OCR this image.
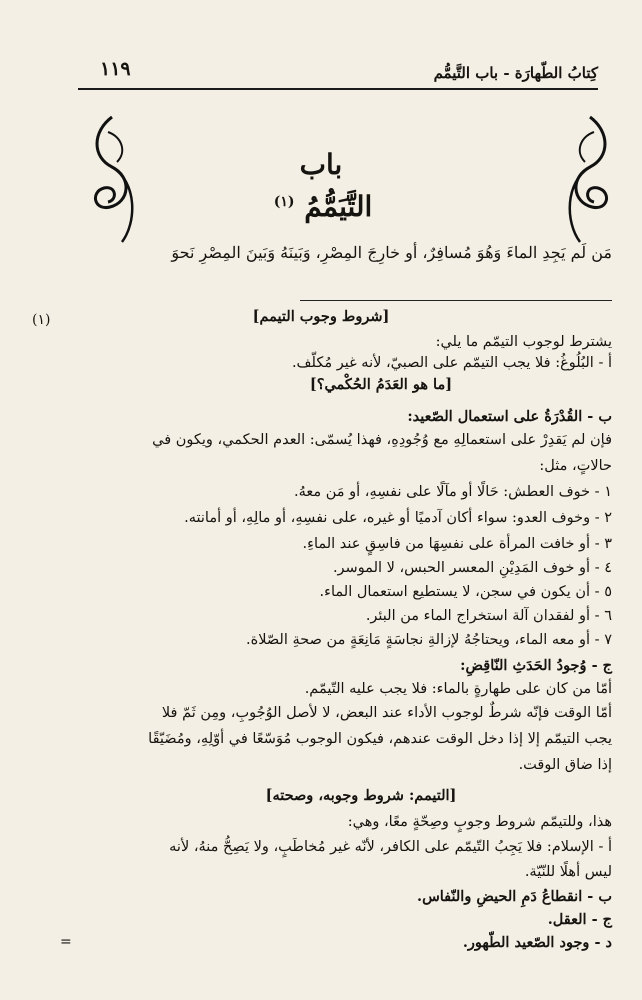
كِتابُ الطّهارَة - باب التَّيمُّم
١١٩
باب
التَّيَمُّمُ $^{(١)}$
مَن لَم يَجِدِ الماءَ وَهُوَ مُسافِرٌ، أو خارِجَ المِصْرِ، وَبَينَهُ وَبَينَ المِصْرِ نَحوَ
(١)	[شروط وجوب التيمم]
يشترط لوجوب التيمّم ما يلي:
أ - البُلُوغُ: فلا يجب التيمّم على الصبيّ، لأنه غير مُكلّف.
[ما هو العَدَمُ الحُكْمي؟]
ب - القُدْرَةُ على استعمال الصّعيد:
فإن لم يَقدِرْ على استعمالِهِ مع وُجُودِهِ، فهذا يُسمّى: العدم الحكمي، ويكون في
حالاتٍ، مثل:
١ - خوف العطش: حَالًا أو مآلًا على نفسِهِ، أو مَن معهُ.
٢ - وخوف العدو: سواء أكان آدميًا أو غيره، على نفسِهِ، أو مالِهِ، أو أمانته.
٣ - أو خافت المرأة على نفسِهَا من فاسِقٍ عند الماءِ.
٤ - أو خوف المَدِيْنِ المعسر الحبس، لا الموسر.
٥ - أن يكون في سجن، لا يستطيع استعمال الماء.
٦ - أو لفقدان آلة استخراج الماء من البئر.
٧ - أو معه الماء، ويحتاجُهُ لإزالةِ نجاسَةٍ مَانِعَةٍ من صحةِ الصّلاة.
ج - وُجودُ الحَدَثِ النّاقِضِ:
أمّا من كان على طهارةٍ بالماء: فلا يجب عليه التّيمّم.
أمّا الوقت فإنّه شرطٌ لوجوب الأداء عند البعض، لا لأصل الوُجُوبِ، ومِن ثَمّ فلا
يجب التيمّم إلا إذا دخل الوقت عندهم، فيكون الوجوب مُوَسّعًا في أوّلِهِ، ومُضَيّقًا
إذا ضاق الوقت.
[التيمم: شروط وجوبه، وصحته]
هذا، وللتيمّم شروط وجوبٍ وصِحّةٍ معًا، وهي:
أ - الإسلام: فلا يَجِبُ التّيمّم على الكافر، لأنّه غير مُخاطَبٍ، ولا يَصِحُّ منهُ، لأنه
ليس أهلًا للنّيّة.
ب - انقطاعُ دَمِ الحيضِ والنّفاس.
ج - العقل.
د - وجود الصّعيد الطّهور.
=
